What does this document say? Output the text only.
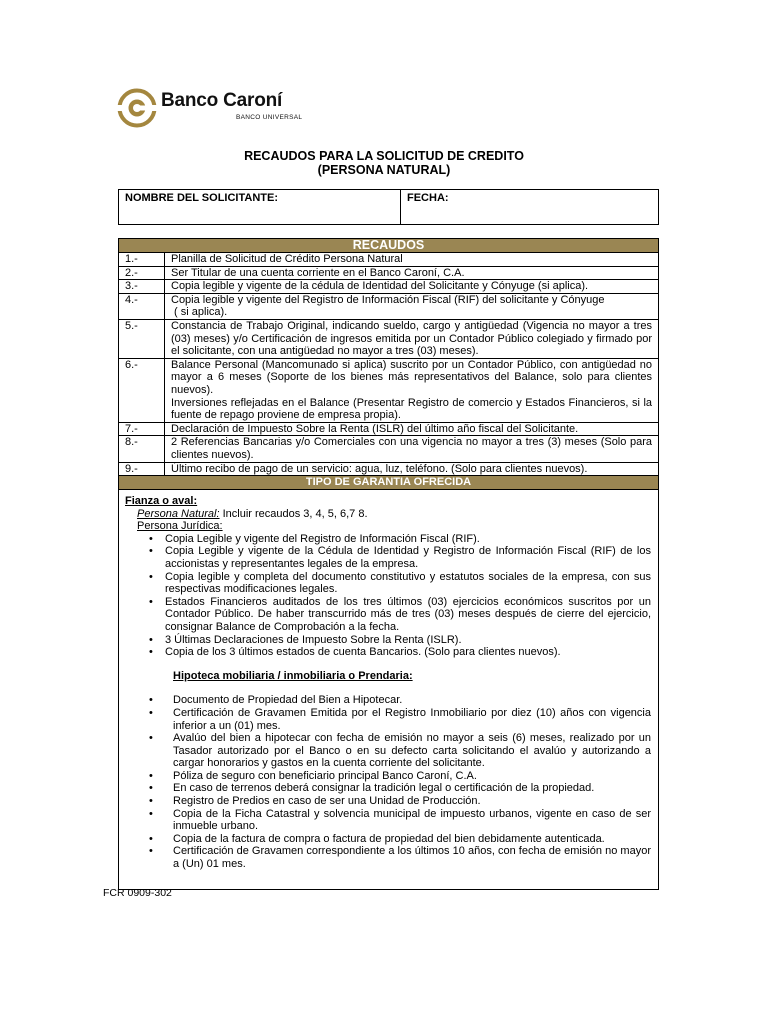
Banco Caroní
BANCO UNIVERSAL
RECAUDOS PARA LA SOLICITUD DE CREDITO
(PERSONA NATURAL)
NOMBRE DEL SOLICITANTE:	FECHA:
RECAUDOS	
1.-	Planilla de Solicitud de Crédito Persona Natural
2.-	Ser Titular de una cuenta corriente en el Banco Caroní, C.A.
3.-	Copia legible y vigente de la cédula de Identidad del Solicitante y Cónyuge (si aplica).
4.-	Copia legible y vigente del Registro de Información Fiscal (RIF) del solicitante y Cónyuge
( si aplica).

5.-	Constancia de Trabajo Original, indicando sueldo, cargo y antigüedad (Vigencia no mayor a tres (03) meses) y/o Certificación de ingresos emitida por un Contador Público colegiado y firmado por el solicitante, con una antigüedad no mayor a tres (03) meses).
6.-	Balance Personal (Mancomunado si aplica) suscrito por un Contador Público, con antigüedad no mayor a 6 meses (Soporte de los bienes más representativos del Balance, solo para clientes nuevos).
Inversiones reflejadas en el Balance (Presentar Registro de comercio y Estados Financieros, si la fuente de repago proviene de empresa propia).

7.-	Declaración de Impuesto Sobre la Renta (ISLR) del último año fiscal del Solicitante.
8.-	2 Referencias Bancarias y/o Comerciales con una vigencia no mayor a tres (3) meses (Solo para clientes nuevos).
9.-	Último recibo de pago de un servicio: agua, luz, teléfono. (Solo para clientes nuevos).
TIPO DE GARANTIA OFRECIDA	
Fianza o aval:
Persona Natural: Incluir recaudos 3, 4, 5, 6,7 8.
Persona Jurídica:
• Copia Legible y vigente del Registro de Información Fiscal (RIF).
• Copia Legible y vigente de la Cédula de Identidad y Registro de Información Fiscal (RIF) de los accionistas y representantes legales de la empresa.
• Copia legible y completa del documento constitutivo y estatutos sociales de la empresa, con sus respectivas modificaciones legales.
• Estados Financieros auditados de los tres últimos (03) ejercicios económicos suscritos por un Contador Público. De haber transcurrido más de tres (03) meses después de cierre del ejercicio, consignar Balance de Comprobación a la fecha.
• 3 Últimas Declaraciones de Impuesto Sobre la Renta (ISLR).
• Copia de los 3 últimos estados de cuenta Bancarios. (Solo para clientes nuevos).
Hipoteca mobiliaria / inmobiliaria o Prendaria:
• Documento de Propiedad del Bien a Hipotecar.
• Certificación de Gravamen Emitida por el Registro Inmobiliario por diez (10) años con vigencia inferior a un (01) mes.
• Avalúo del bien a hipotecar con fecha de emisión no mayor a seis (6) meses, realizado por un Tasador autorizado por el Banco o en su defecto carta solicitando el avalúo y autorizando a cargar honorarios y gastos en la cuenta corriente del solicitante.
• Póliza de seguro con beneficiario principal Banco Caroní, C.A.
• En caso de terrenos deberá consignar la tradición legal o certificación de la propiedad.
• Registro de Predios en caso de ser una Unidad de Producción.
• Copia de la Ficha Catastral y solvencia municipal de impuesto urbanos, vigente en caso de ser inmueble urbano.
• Copia de la factura de compra o factura de propiedad del bien debidamente autenticada.
• Certificación de Gravamen correspondiente a los últimos 10 años, con fecha de emisión no mayor a (Un) 01 mes.
FCR 0909-302
